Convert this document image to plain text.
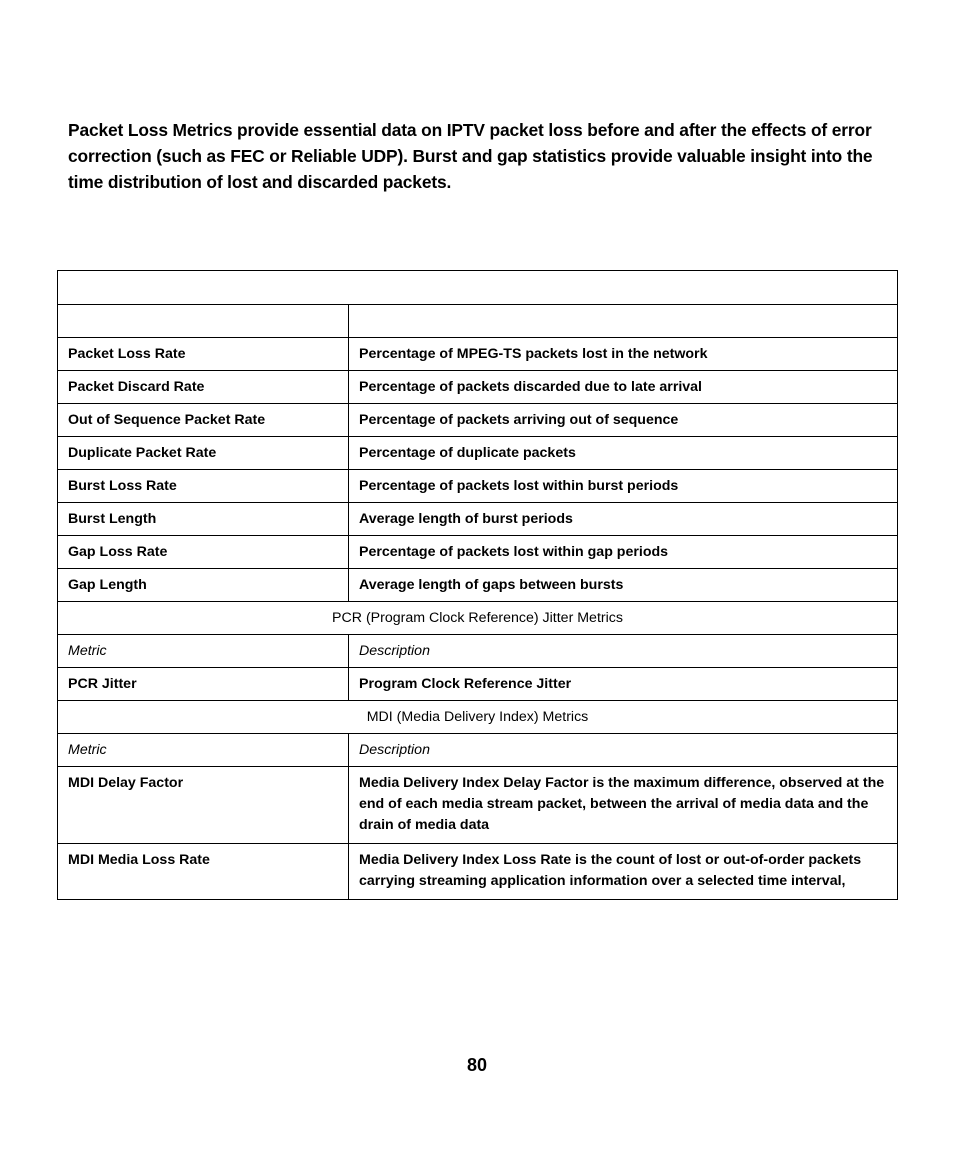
Packet Loss Metrics provide essential data on IPTV packet loss before and after the effects of error correction (such as FEC or Reliable UDP). Burst and gap statistics provide valuable insight into the time distribution of lost and discarded packets.

Packet Loss Rate	Percentage of MPEG-TS packets lost in the network
Packet Discard Rate	Percentage of packets discarded due to late arrival
Out of Sequence Packet Rate	Percentage of packets arriving out of sequence
Duplicate Packet Rate	Percentage of duplicate packets
Burst Loss Rate	Percentage of packets lost within burst periods
Burst Length	Average length of burst periods
Gap Loss Rate	Percentage of packets lost within gap periods
Gap Length	Average length of gaps between bursts
PCR (Program Clock Reference) Jitter Metrics	
Metric	Description
PCR Jitter	Program Clock Reference Jitter
MDI (Media Delivery Index) Metrics	
Metric	Description
MDI Delay Factor	Media Delivery Index Delay Factor is the maximum difference, observed at the end of each media stream packet, between the arrival of media data and the drain of media data
MDI Media Loss Rate	Media Delivery Index Loss Rate is the count of lost or out-of-order packets carrying streaming application information over a selected time interval,
80
